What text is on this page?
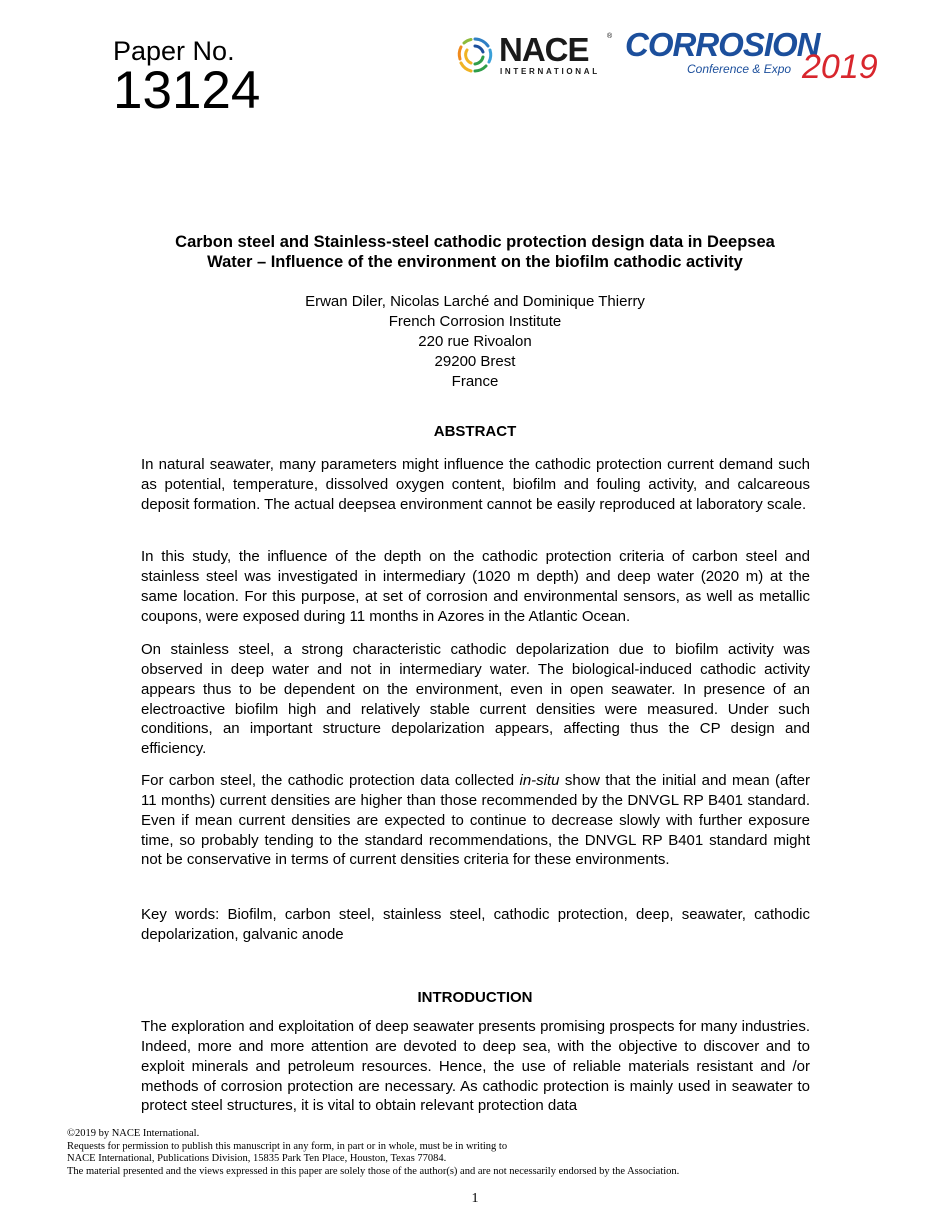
Paper No.
13124
NACE	®
INTERNATIONAL
CORROSION
Conference & Expo 2019
Carbon steel and Stainless-steel cathodic protection design data in Deepsea
Water – Influence of the environment on the biofilm cathodic activity
Erwan Diler, Nicolas Larché and Dominique Thierry
French Corrosion Institute
220 rue Rivoalon
29200 Brest
France
ABSTRACT
In natural seawater, many parameters might influence the cathodic protection current demand such as potential, temperature, dissolved oxygen content, biofilm and fouling activity, and calcareous deposit formation. The actual deepsea environment cannot be easily reproduced at laboratory scale.
In this study, the influence of the depth on the cathodic protection criteria of carbon steel and stainless steel was investigated in intermediary (1020 m depth) and deep water (2020 m) at the same location. For this purpose, at set of corrosion and environmental sensors, as well as metallic coupons, were exposed during 11 months in Azores in the Atlantic Ocean.
On stainless steel, a strong characteristic cathodic depolarization due to biofilm activity was observed in deep water and not in intermediary water. The biological-induced cathodic activity appears thus to be dependent on the environment, even in open seawater. In presence of an electroactive biofilm high and relatively stable current densities were measured. Under such conditions, an important structure depolarization appears, affecting thus the CP design and efficiency.
For carbon steel, the cathodic protection data collected in-situ show that the initial and mean (after 11 months) current densities are higher than those recommended by the DNVGL RP B401 standard. Even if mean current densities are expected to continue to decrease slowly with further exposure time, so probably tending to the standard recommendations, the DNVGL RP B401 standard might not be conservative in terms of current densities criteria for these environments.
Key words: Biofilm, carbon steel, stainless steel, cathodic protection, deep, seawater, cathodic depolarization, galvanic anode
INTRODUCTION
The exploration and exploitation of deep seawater presents promising prospects for many industries. Indeed, more and more attention are devoted to deep sea, with the objective to discover and to exploit minerals and petroleum resources. Hence, the use of reliable materials resistant and /or methods of corrosion protection are necessary. As cathodic protection is mainly used in seawater to protect steel structures, it is vital to obtain relevant protection data
©2019 by NACE International.
Requests for permission to publish this manuscript in any form, in part or in whole, must be in writing to
NACE International, Publications Division, 15835 Park Ten Place, Houston, Texas 77084.
The material presented and the views expressed in this paper are solely those of the author(s) and are not necessarily endorsed by the Association.
1
